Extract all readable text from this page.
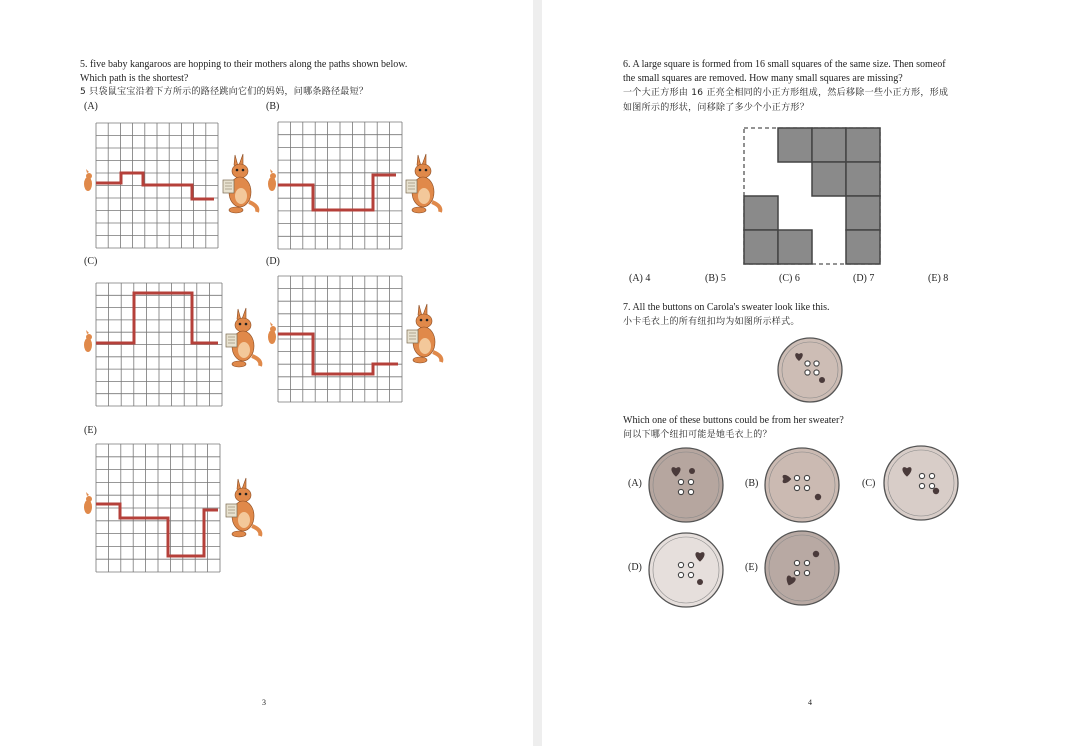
5. five baby kangaroos are hopping to their mothers along the paths shown below.
Which path is the shortest?
5 只袋鼠宝宝沿着下方所示的路径跳向它们的妈妈，问哪条路径最短？
(A)	(B)
(C)	(D)
(E)
3
6. A large square is formed from 16 small squares of the same size. Then someof
the small squares are removed. How many small squares are missing?
一个大正方形由 16 正亮全相同的小正方形组成，然后移除一些小正方形，形成
如图所示的形状，问移除了多少个小正方形？
(A) 4	(B) 5	(C) 6	(D) 7	(E) 8
7. All the buttons on Carola's sweater look like this.
小卡毛衣上的所有纽扣均为如图所示样式。
Which one of these buttons could be from her sweater?
问以下哪个纽扣可能是她毛衣上的？
(A)	(B)	(C)
(D)	(E)
4
